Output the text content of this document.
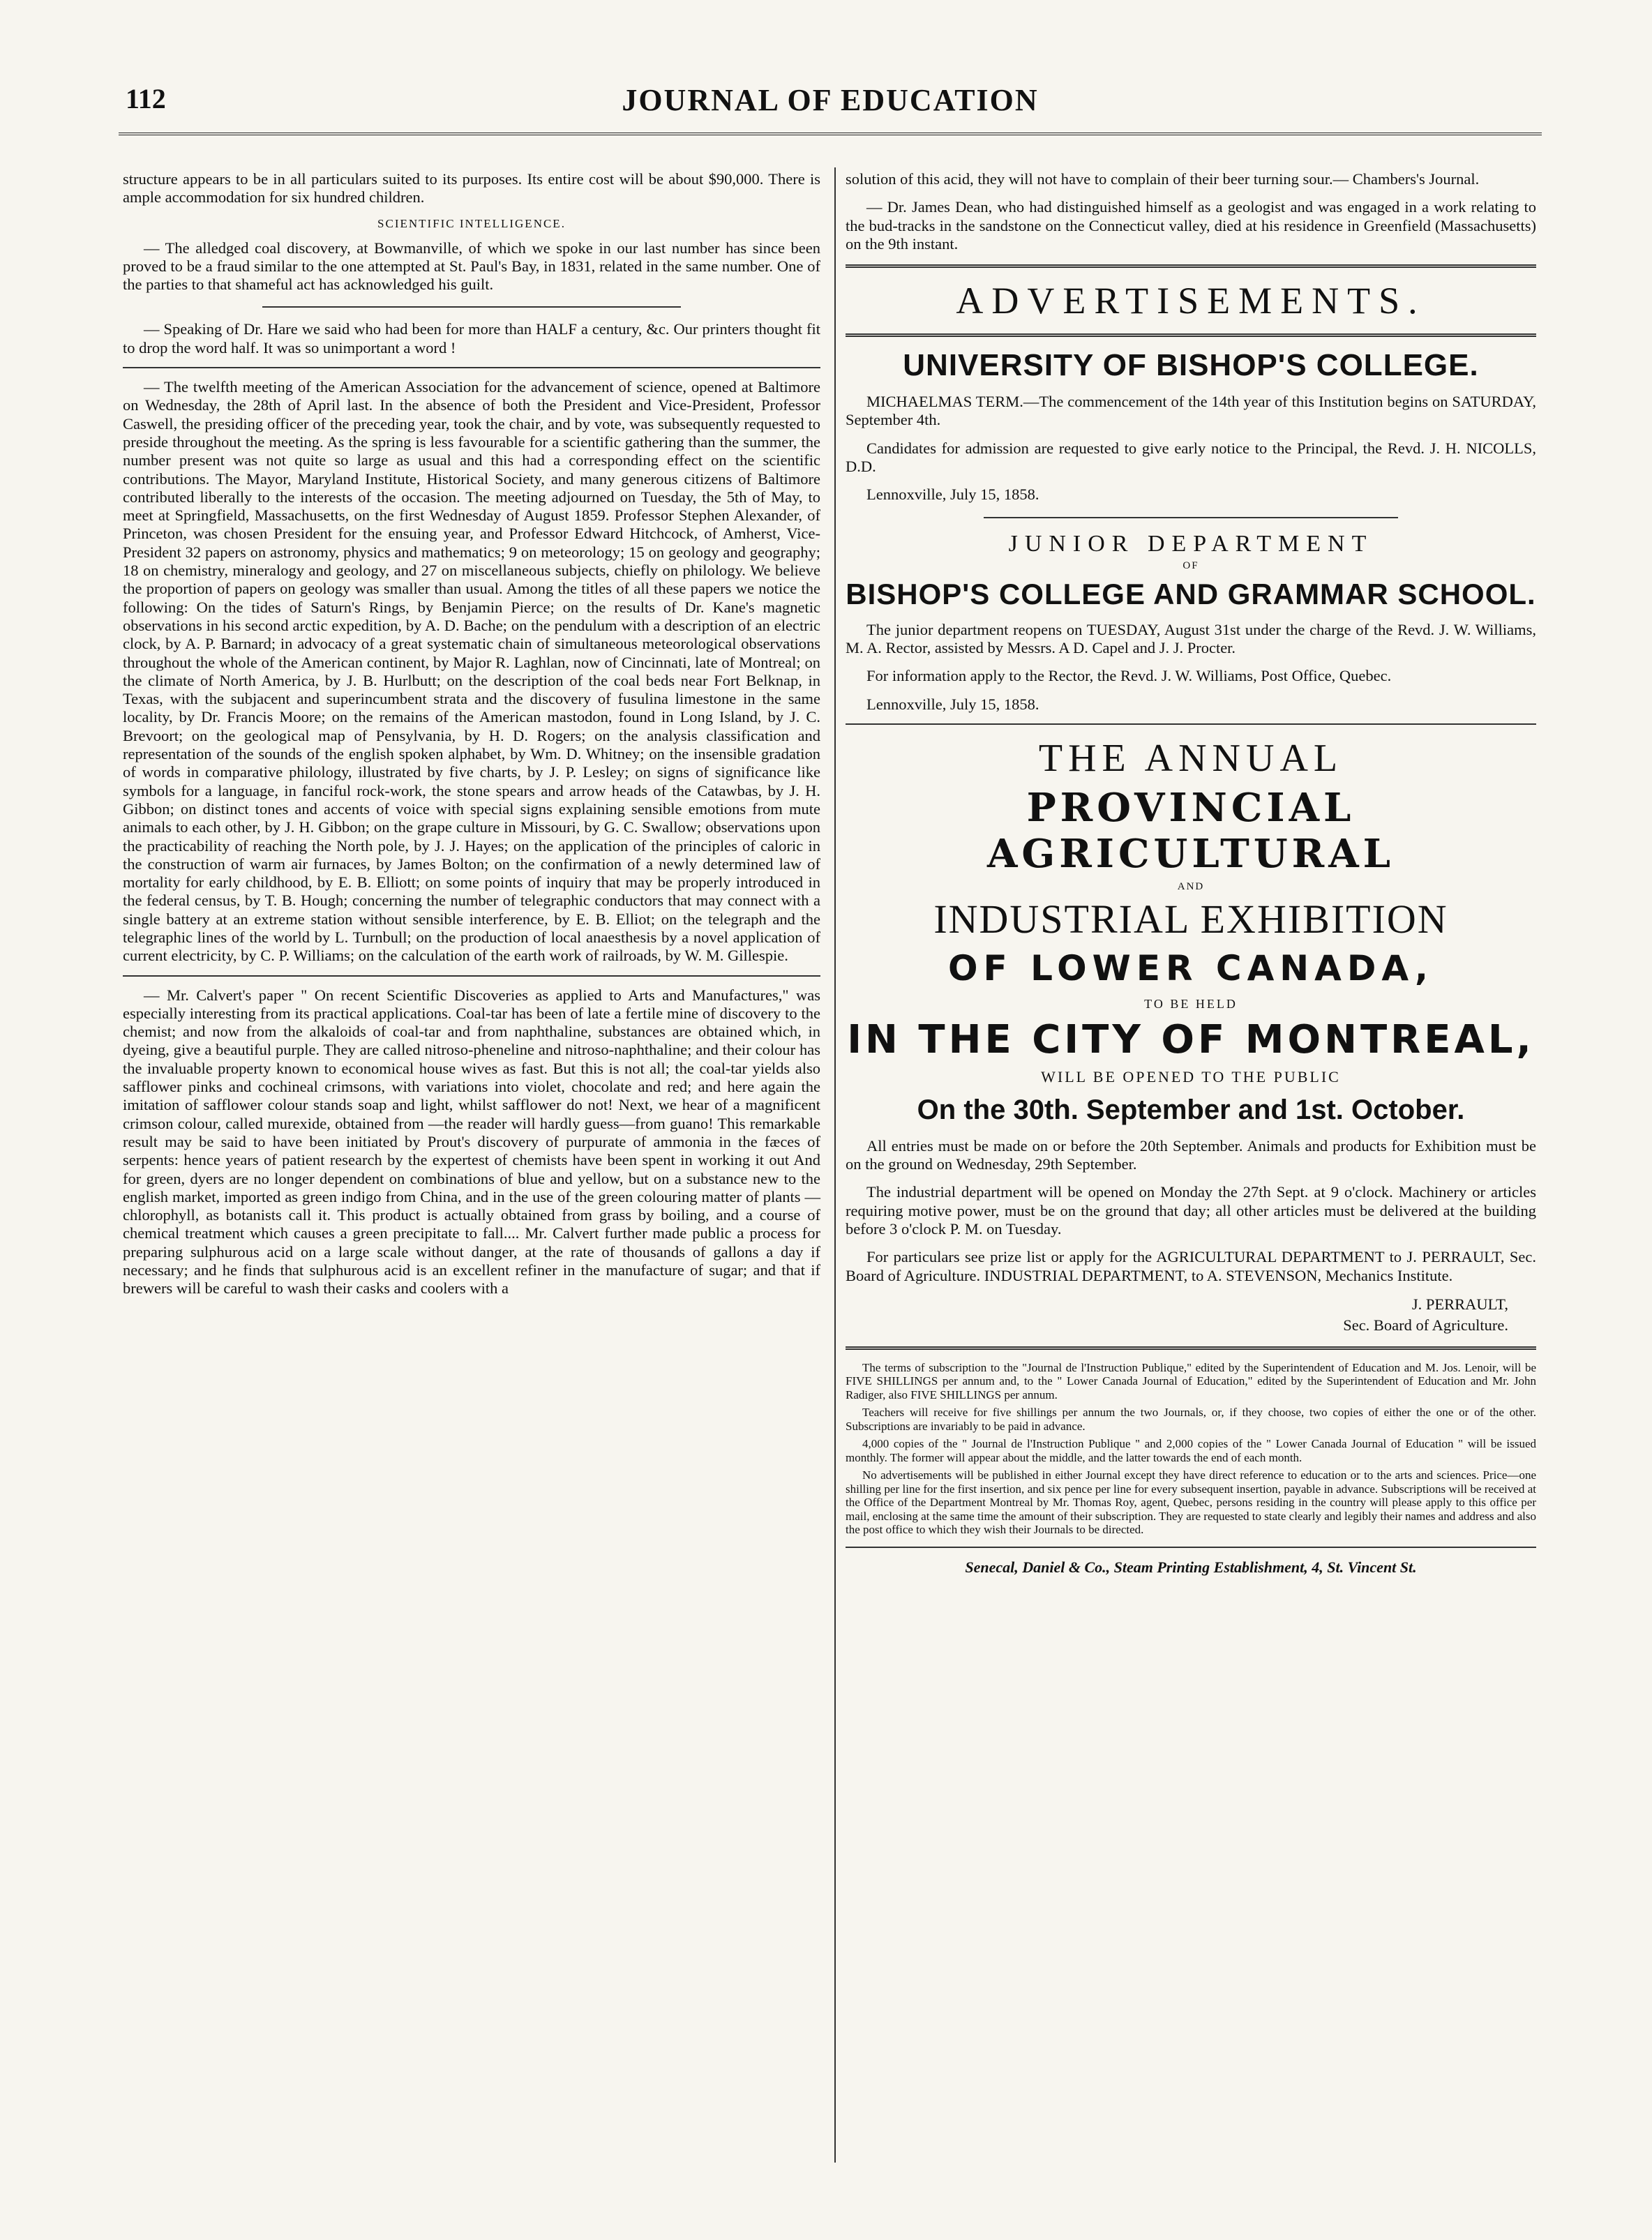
112	JOURNAL OF EDUCATION

structure appears to be in all particulars suited to its purposes. Its entire cost will be about $90,000. There is ample accommodation for six hundred children.

SCIENTIFIC INTELLIGENCE.

— The alledged coal discovery, at Bowmanville, of which we spoke in our last number has since been proved to be a fraud similar to the one attempted at St. Paul's Bay, in 1831, related in the same number. One of the parties to that shameful act has acknowledged his guilt.

— Speaking of Dr. Hare we said who had been for more than HALF a century, &c. Our printers thought fit to drop the word half. It was so unimportant a word !

— The twelfth meeting of the American Association for the advancement of science, opened at Baltimore on Wednesday, the 28th of April last. In the absence of both the President and Vice-President, Professor Caswell, the presiding officer of the preceding year, took the chair, and by vote, was subsequently requested to preside throughout the meeting. As the spring is less favourable for a scientific gathering than the summer, the number present was not quite so large as usual and this had a corresponding effect on the scientific contributions. The Mayor, Maryland Institute, Historical Society, and many generous citizens of Baltimore contributed liberally to the interests of the occasion. The meeting adjourned on Tuesday, the 5th of May, to meet at Springfield, Massachusetts, on the first Wednesday of August 1859. Professor Stephen Alexander, of Princeton, was chosen President for the ensuing year, and Professor Edward Hitchcock, of Amherst, Vice-President 32 papers on astronomy, physics and mathematics; 9 on meteorology; 15 on geology and geography; 18 on chemistry, mineralogy and geology, and 27 on miscellaneous subjects, chiefly on philology. We believe the proportion of papers on geology was smaller than usual. Among the titles of all these papers we notice the following: On the tides of Saturn's Rings, by Benjamin Pierce; on the results of Dr. Kane's magnetic observations in his second arctic expedition, by A. D. Bache; on the pendulum with a description of an electric clock, by A. P. Barnard; in advocacy of a great systematic chain of simultaneous meteorological observations throughout the whole of the American continent, by Major R. Laghlan, now of Cincinnati, late of Montreal; on the climate of North America, by J. B. Hurlbutt; on the description of the coal beds near Fort Belknap, in Texas, with the subjacent and superincumbent strata and the discovery of fusulina limestone in the same locality, by Dr. Francis Moore; on the remains of the American mastodon, found in Long Island, by J. C. Brevoort; on the geological map of Pensylvania, by H. D. Rogers; on the analysis classification and representation of the sounds of the english spoken alphabet, by Wm. D. Whitney; on the insensible gradation of words in comparative philology, illustrated by five charts, by J. P. Lesley; on signs of significance like symbols for a language, in fanciful rock-work, the stone spears and arrow heads of the Catawbas, by J. H. Gibbon; on distinct tones and accents of voice with special signs explaining sensible emotions from mute animals to each other, by J. H. Gibbon; on the grape culture in Missouri, by G. C. Swallow; observations upon the practicability of reaching the North pole, by J. J. Hayes; on the application of the principles of caloric in the construction of warm air furnaces, by James Bolton; on the confirmation of a newly determined law of mortality for early childhood, by E. B. Elliott; on some points of inquiry that may be properly introduced in the federal census, by T. B. Hough; concerning the number of telegraphic conductors that may connect with a single battery at an extreme station without sensible interference, by E. B. Elliot; on the telegraph and the telegraphic lines of the world by L. Turnbull; on the production of local anaesthesis by a novel application of current electricity, by C. P. Williams; on the calculation of the earth work of railroads, by W. M. Gillespie.

— Mr. Calvert's paper " On recent Scientific Discoveries as applied to Arts and Manufactures," was especially interesting from its practical applications. Coal-tar has been of late a fertile mine of discovery to the chemist; and now from the alkaloids of coal-tar and from naphthaline, substances are obtained which, in dyeing, give a beautiful purple. They are called nitroso-pheneline and nitroso-naphthaline; and their colour has the invaluable property known to economical house wives as fast. But this is not all; the coal-tar yields also safflower pinks and cochineal crimsons, with variations into violet, chocolate and red; and here again the imitation of safflower colour stands soap and light, whilst safflower do not! Next, we hear of a magnificent crimson colour, called murexide, obtained from —the reader will hardly guess—from guano! This remarkable result may be said to have been initiated by Prout's discovery of purpurate of ammonia in the fæces of serpents: hence years of patient research by the expertest of chemists have been spent in working it out And for green, dyers are no longer dependent on combinations of blue and yellow, but on a substance new to the english market, imported as green indigo from China, and in the use of the green colouring matter of plants — chlorophyll, as botanists call it. This product is actually obtained from grass by boiling, and a course of chemical treatment which causes a green precipitate to fall.... Mr. Calvert further made public a process for preparing sulphurous acid on a large scale without danger, at the rate of thousands of gallons a day if necessary; and he finds that sulphurous acid is an excellent refiner in the manufacture of sugar; and that if brewers will be careful to wash their casks and coolers with a

solution of this acid, they will not have to complain of their beer turning sour.— Chambers's Journal.

— Dr. James Dean, who had distinguished himself as a geologist and was engaged in a work relating to the bud-tracks in the sandstone on the Connecticut valley, died at his residence in Greenfield (Massachusetts) on the 9th instant.

ADVERTISEMENTS.
UNIVERSITY OF BISHOP'S COLLEGE.

MICHAELMAS TERM.—The commencement of the 14th year of this Institution begins on SATURDAY, September 4th.

Candidates for admission are requested to give early notice to the Principal, the Revd. J. H. NICOLLS, D.D.

Lennoxville, July 15, 1858.

JUNIOR DEPARTMENT
OF
BISHOP'S COLLEGE AND GRAMMAR SCHOOL.

The junior department reopens on TUESDAY, August 31st under the charge of the Revd. J. W. Williams, M. A. Rector, assisted by Messrs. A D. Capel and J. J. Procter.

For information apply to the Rector, the Revd. J. W. Williams, Post Office, Quebec.

Lennoxville, July 15, 1858.

THE ANNUAL
PROVINCIAL AGRICULTURAL
AND
INDUSTRIAL EXHIBITION
OF LOWER CANADA,
TO BE HELD
IN THE CITY OF MONTREAL,
WILL BE OPENED TO THE PUBLIC
On the 30th. September and 1st. October.

All entries must be made on or before the 20th September. Animals and products for Exhibition must be on the ground on Wednesday, 29th September.

The industrial department will be opened on Monday the 27th Sept. at 9 o'clock. Machinery or articles requiring motive power, must be on the ground that day; all other articles must be delivered at the building before 3 o'clock P. M. on Tuesday.

For particulars see prize list or apply for the AGRICULTURAL DEPARTMENT to J. PERRAULT, Sec. Board of Agriculture. INDUSTRIAL DEPARTMENT, to A. STEVENSON, Mechanics Institute.

J. PERRAULT,
Sec. Board of Agriculture.

The terms of subscription to the "Journal de l'Instruction Publique," edited by the Superintendent of Education and M. Jos. Lenoir, will be FIVE SHILLINGS per annum and, to the " Lower Canada Journal of Education," edited by the Superintendent of Education and Mr. John Radiger, also FIVE SHILLINGS per annum.

Teachers will receive for five shillings per annum the two Journals, or, if they choose, two copies of either the one or of the other. Subscriptions are invariably to be paid in advance.

4,000 copies of the " Journal de l'Instruction Publique " and 2,000 copies of the " Lower Canada Journal of Education " will be issued monthly. The former will appear about the middle, and the latter towards the end of each month.

No advertisements will be published in either Journal except they have direct reference to education or to the arts and sciences. Price—one shilling per line for the first insertion, and six pence per line for every subsequent insertion, payable in advance. Subscriptions will be received at the Office of the Department Montreal by Mr. Thomas Roy, agent, Quebec, persons residing in the country will please apply to this office per mail, enclosing at the same time the amount of their subscription. They are requested to state clearly and legibly their names and address and also the post office to which they wish their Journals to be directed.

Senecal, Daniel & Co., Steam Printing Establishment, 4, St. Vincent St.
